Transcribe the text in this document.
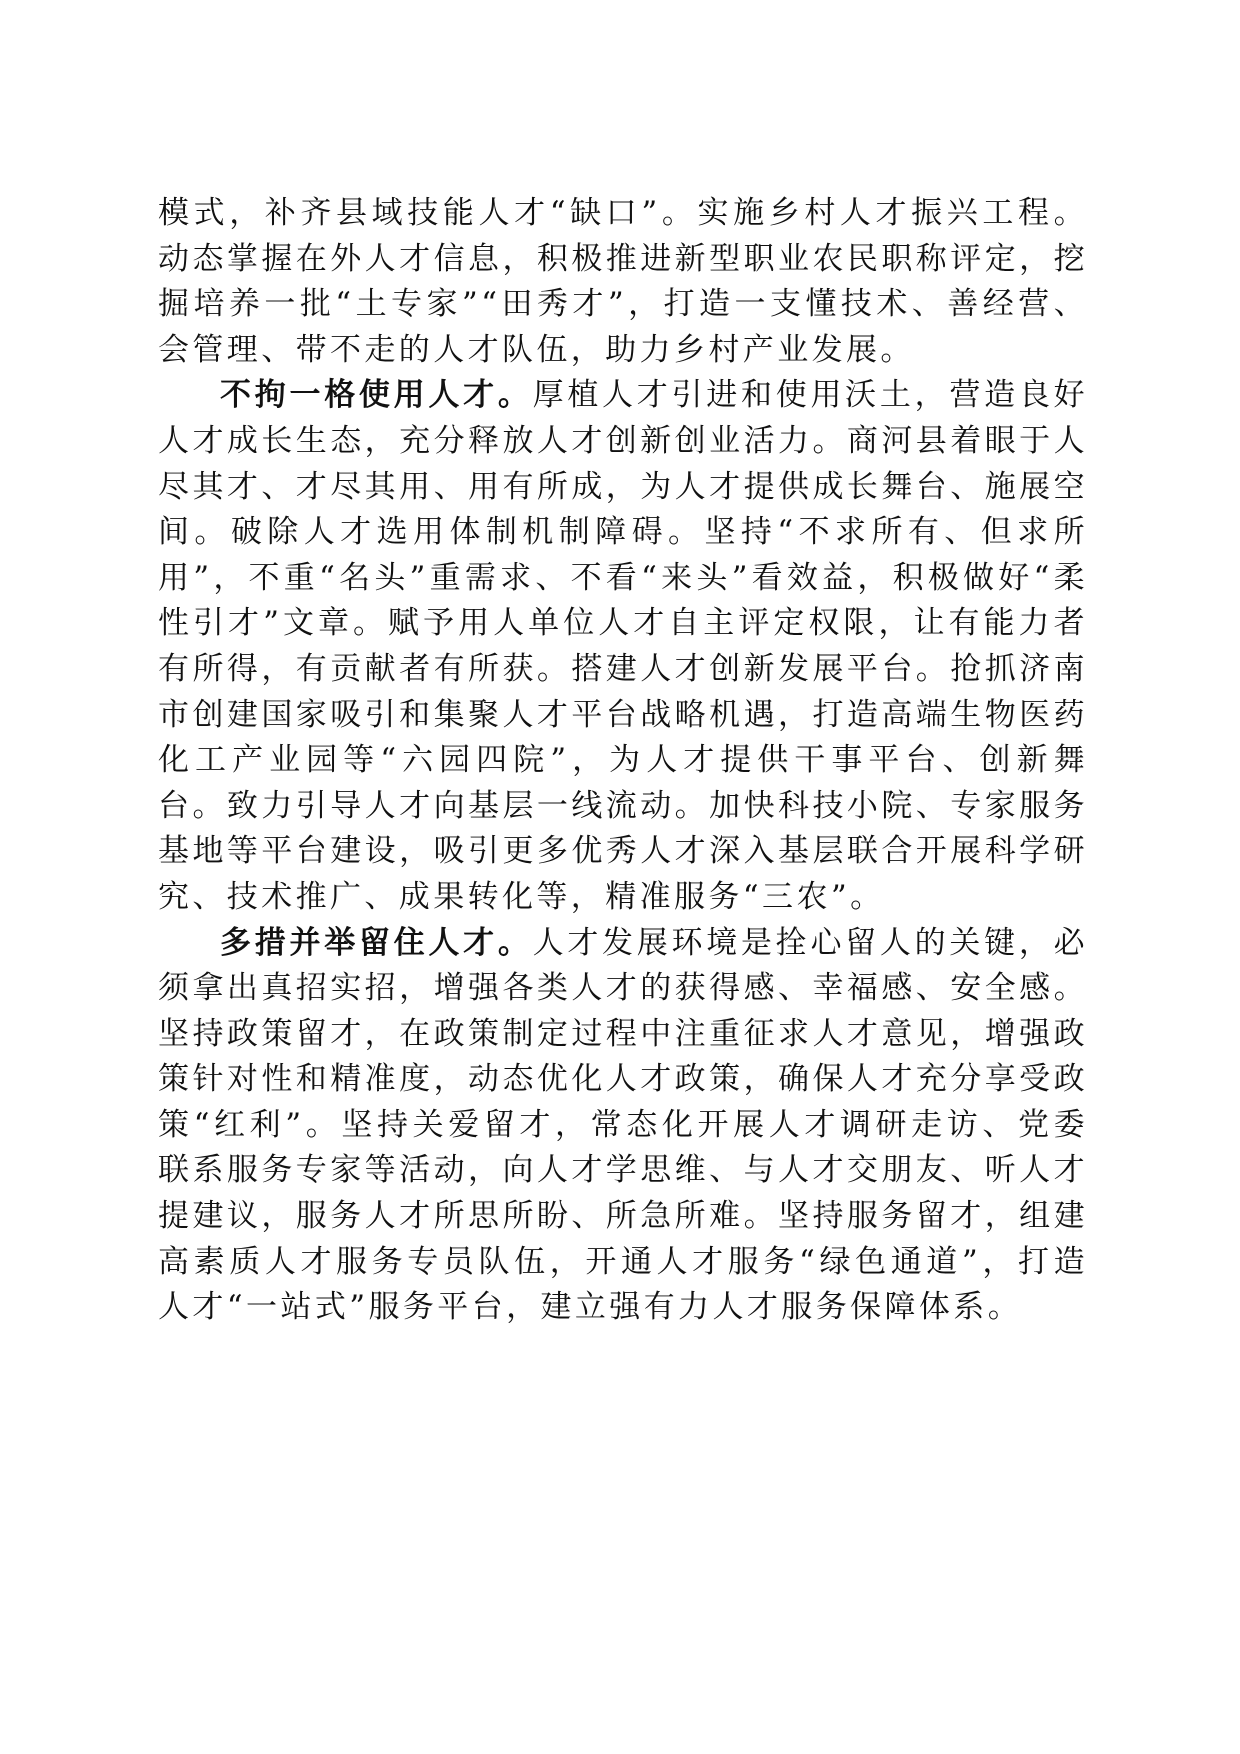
模式，补齐县域技能人才“缺口”。实施乡村人才振兴工程。动态掌握在外人才信息，积极推进新型职业农民职称评定，挖掘培养一批“土专家”“田秀才”，打造一支懂技术、善经营、会管理、带不走的人才队伍，助力乡村产业发展。

不拘一格使用人才。厚植人才引进和使用沃土，营造良好人才成长生态，充分释放人才创新创业活力。商河县着眼于人尽其才、才尽其用、用有所成，为人才提供成长舞台、施展空间。破除人才选用体制机制障碍。坚持“不求所有、但求所用”，不重“名头”重需求、不看“来头”看效益，积极做好“柔性引才”文章。赋予用人单位人才自主评定权限，让有能力者有所得，有贡献者有所获。搭建人才创新发展平台。抢抓济南市创建国家吸引和集聚人才平台战略机遇，打造高端生物医药化工产业园等“六园四院”，为人才提供干事平台、创新舞台。致力引导人才向基层一线流动。加快科技小院、专家服务基地等平台建设，吸引更多优秀人才深入基层联合开展科学研究、技术推广、成果转化等，精准服务“三农”。

多措并举留住人才。人才发展环境是拴心留人的关键，必须拿出真招实招，增强各类人才的获得感、幸福感、安全感。坚持政策留才，在政策制定过程中注重征求人才意见，增强政策针对性和精准度，动态优化人才政策，确保人才充分享受政策“红利”。坚持关爱留才，常态化开展人才调研走访、党委联系服务专家等活动，向人才学思维、与人才交朋友、听人才提建议，服务人才所思所盼、所急所难。坚持服务留才，组建高素质人才服务专员队伍，开通人才服务“绿色通道”，打造人才“一站式”服务平台，建立强有力人才服务保障体系。
